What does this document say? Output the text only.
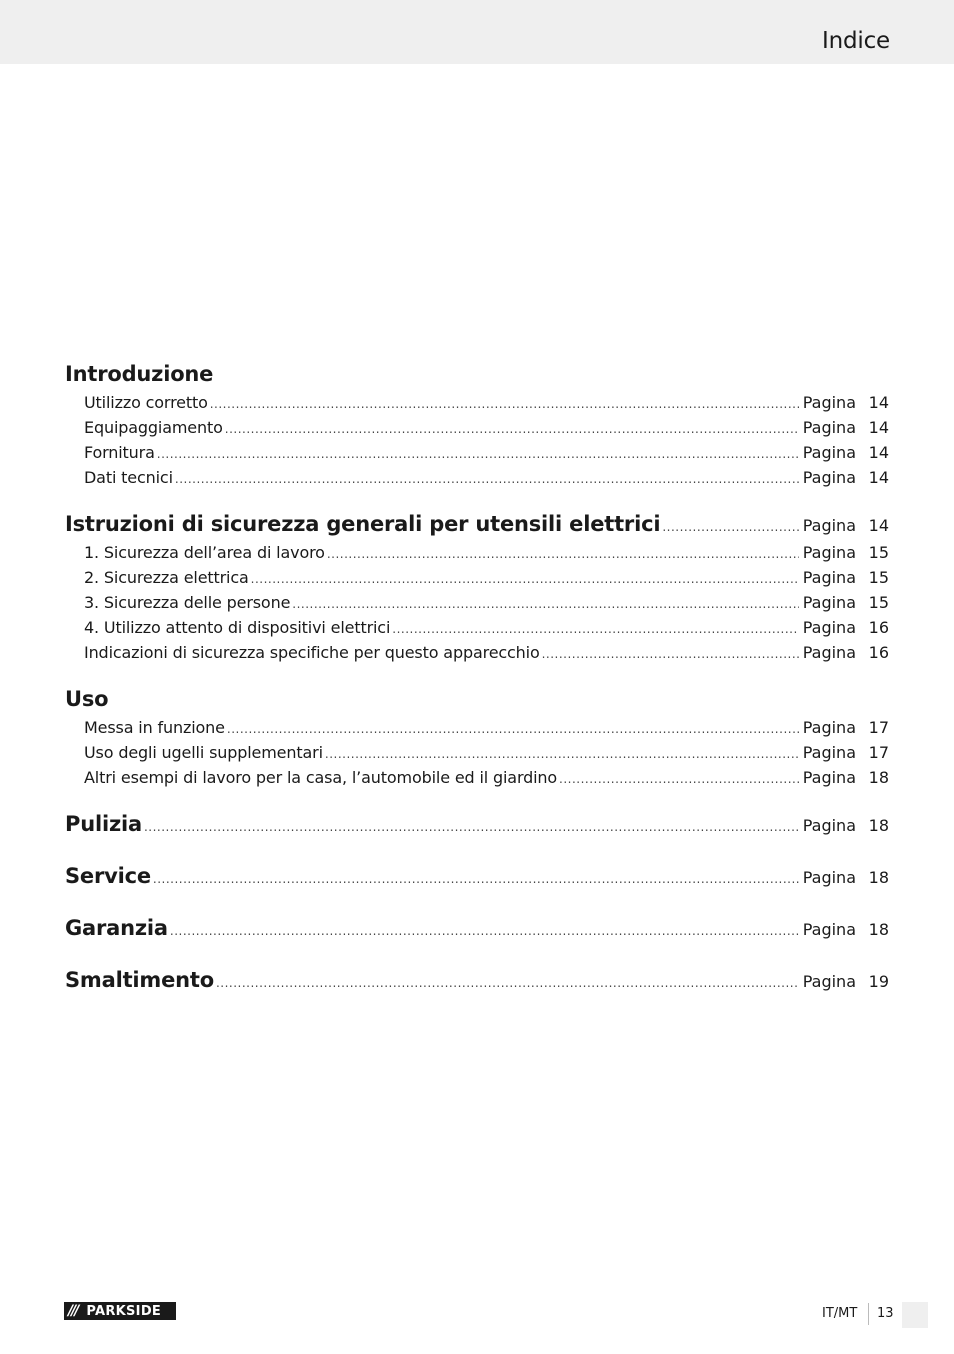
Indice
Introduzione
Utilizzo corretto .....	Pagina 14
Equipaggiamento .....	Pagina 14
Fornitura .....	Pagina 14
Dati tecnici .....	Pagina 14
Istruzioni di sicurezza generali per utensili elettrici .....	Pagina 14
1. Sicurezza dell’area di lavoro .....	Pagina 15
2. Sicurezza elettrica .....	Pagina 15
3. Sicurezza delle persone .....	Pagina 15
4. Utilizzo attento di dispositivi elettrici .....	Pagina 16
Indicazioni di sicurezza specifiche per questo apparecchio .....	Pagina 16
Uso
Messa in funzione .....	Pagina 17
Uso degli ugelli supplementari .....	Pagina 17
Altri esempi di lavoro per la casa, l’automobile ed il giardino .....	Pagina 18
Pulizia .....	Pagina 18
Service .....	Pagina 18
Garanzia .....	Pagina 18
Smaltimento .....	Pagina 19
/// PARKSIDE	IT/MT 13
